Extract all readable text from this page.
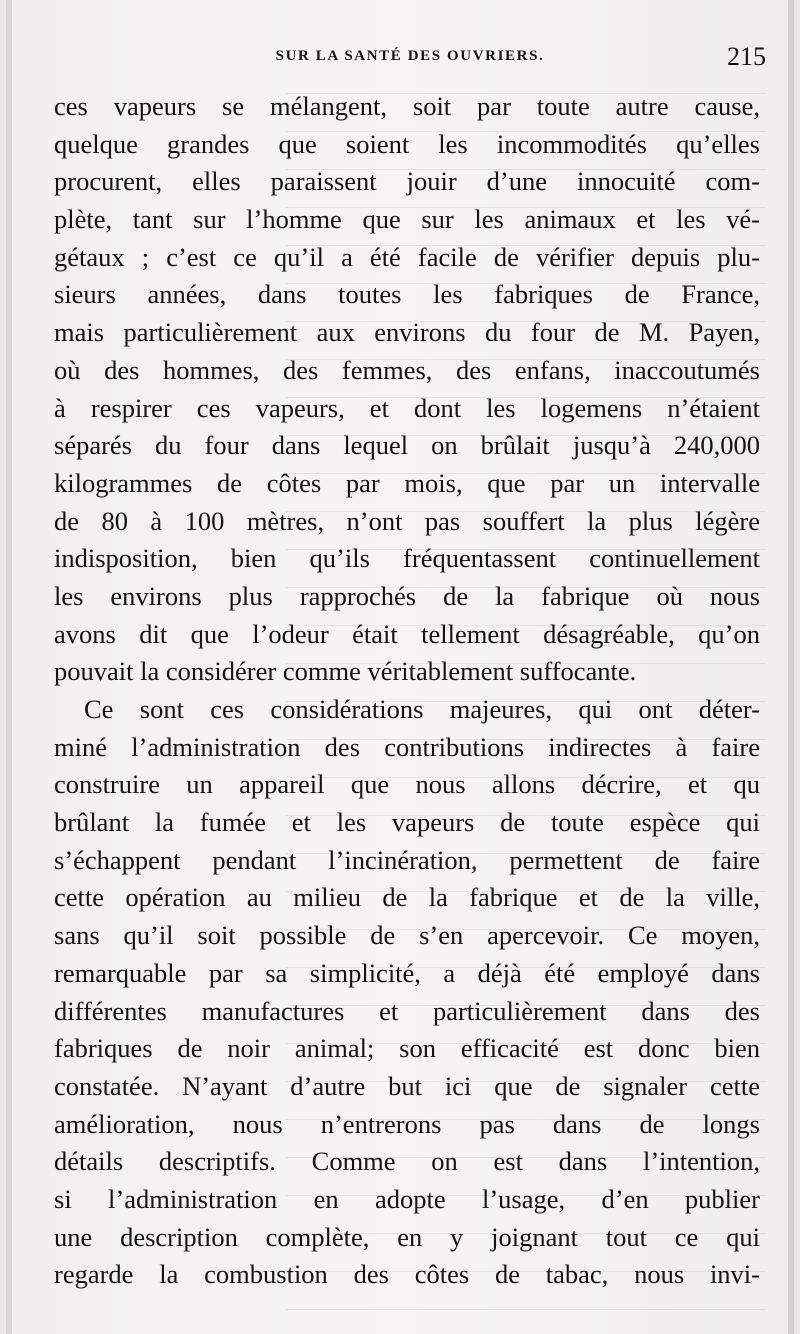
SUR LA SANTÉ DES OUVRIERS.	215
ces vapeurs se mélangent, soit par toute autre cause,
quelque grandes que soient les incommodités qu’elles
procurent, elles paraissent jouir d’une innocuité com-
plète, tant sur l’homme que sur les animaux et les vé-
gétaux ; c’est ce qu’il a été facile de vérifier depuis plu-
sieurs années, dans toutes les fabriques de France,
mais particulièrement aux environs du four de M. Payen,
où des hommes, des femmes, des enfans, inaccoutumés
à respirer ces vapeurs, et dont les logemens n’étaient
séparés du four dans lequel on brûlait jusqu’à 240,000
kilogrammes de côtes par mois, que par un intervalle
de 80 à 100 mètres, n’ont pas souffert la plus légère
indisposition, bien qu’ils fréquentassent continuellement
les environs plus rapprochés de la fabrique où nous
avons dit que l’odeur était tellement désagréable, qu’on
pouvait la considérer comme véritablement suffocante.
Ce sont ces considérations majeures, qui ont déter-
miné l’administration des contributions indirectes à faire
construire un appareil que nous allons décrire, et qu
brûlant la fumée et les vapeurs de toute espèce qui
s’échappent pendant l’incinération, permettent de faire
cette opération au milieu de la fabrique et de la ville,
sans qu’il soit possible de s’en apercevoir. Ce moyen,
remarquable par sa simplicité, a déjà été employé dans
différentes manufactures et particulièrement dans des
fabriques de noir animal; son efficacité est donc bien
constatée. N’ayant d’autre but ici que de signaler cette
amélioration, nous n’entrerons pas dans de longs
détails descriptifs. Comme on est dans l’intention,
si l’administration en adopte l’usage, d’en publier
une description complète, en y joignant tout ce qui
regarde la combustion des côtes de tabac, nous invi-
